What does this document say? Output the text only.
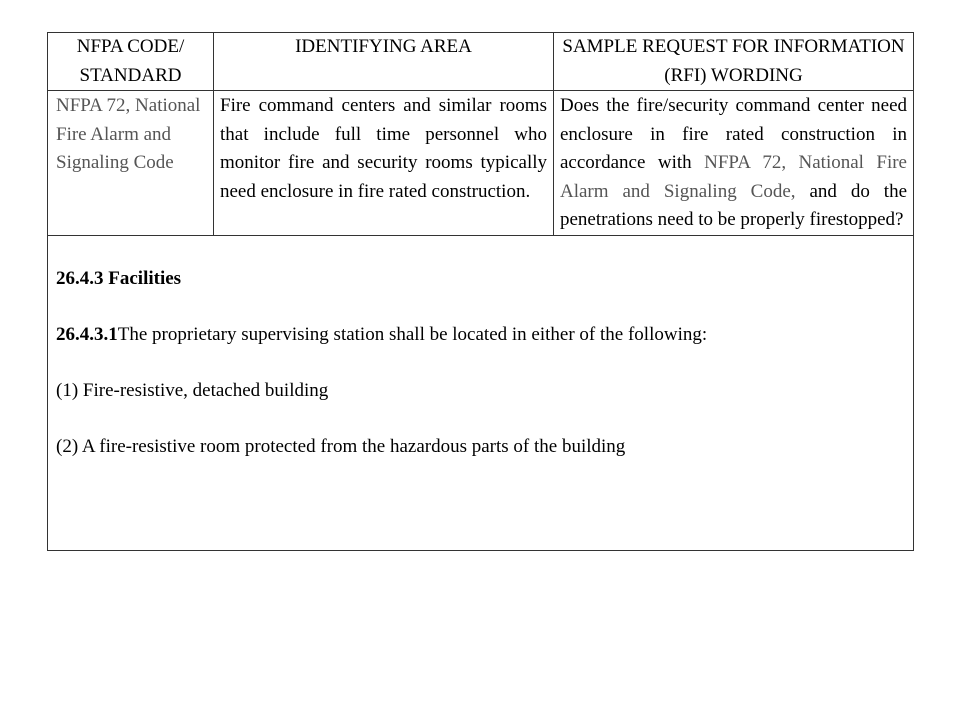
NFPA CODE/ STANDARD	IDENTIFYING AREA	SAMPLE REQUEST FOR INFORMATION (RFI) WORDING
NFPA 72, National Fire Alarm and Signaling Code	Fire command centers and similar rooms that include full time personnel who monitor fire and security rooms typically need enclosure in fire rated construction.	Does the fire/security command center need enclosure in fire rated construction in accordance with NFPA 72, National Fire Alarm and Signaling Code, and do the penetrations need to be properly firestopped?

26.4.3 Facilities

26.4.3.1The proprietary supervising station shall be located in either of the following:

(1) Fire-resistive, detached building

(2) A fire-resistive room protected from the hazardous parts of the building		
